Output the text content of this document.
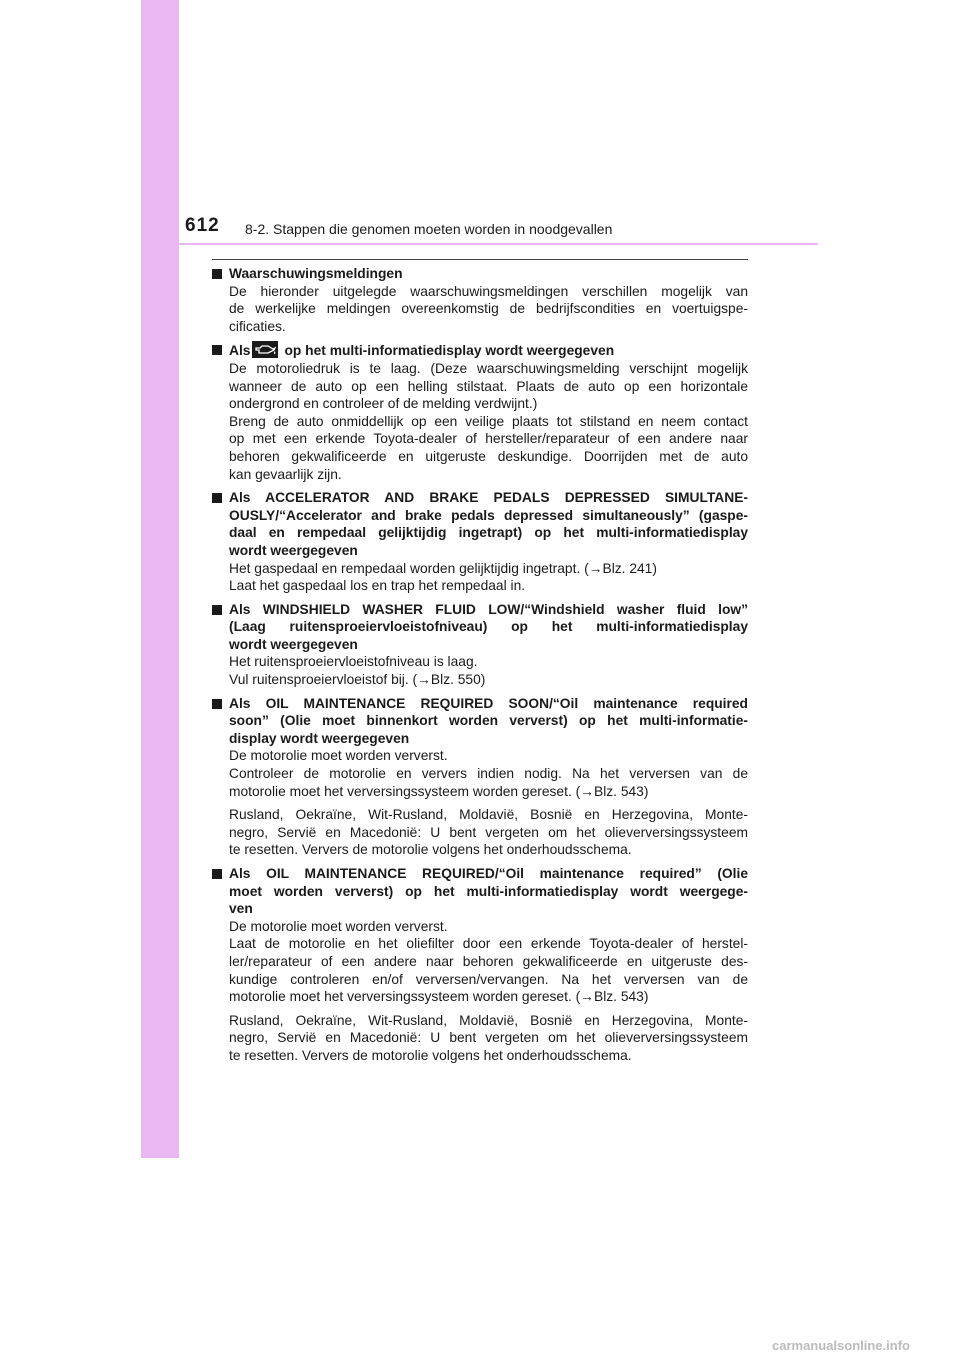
612 8-2. Stappen die genomen moeten worden in noodgevallen
Waarschuwingsmeldingen
De hieronder uitgelegde waarschuwingsmeldingen verschillen mogelijk van
de werkelijke meldingen overeenkomstig de bedrijfscondities en voertuigspe-
cificaties.
Als op het multi-informatiedisplay wordt weergegeven
De motoroliedruk is te laag. (Deze waarschuwingsmelding verschijnt mogelijk
wanneer de auto op een helling stilstaat. Plaats de auto op een horizontale
ondergrond en controleer of de melding verdwijnt.)
Breng de auto onmiddellijk op een veilige plaats tot stilstand en neem contact
op met een erkende Toyota-dealer of hersteller/reparateur of een andere naar
behoren gekwalificeerde en uitgeruste deskundige. Doorrijden met de auto
kan gevaarlijk zijn.
Als ACCELERATOR AND BRAKE PEDALS DEPRESSED SIMULTANE-
OUSLY/“Accelerator and brake pedals depressed simultaneously” (gaspe-
daal en rempedaal gelijktijdig ingetrapt) op het multi-informatiedisplay
wordt weergegeven
Het gaspedaal en rempedaal worden gelijktijdig ingetrapt. (→Blz. 241)
Laat het gaspedaal los en trap het rempedaal in.
Als WINDSHIELD WASHER FLUID LOW/“Windshield washer fluid low”
(Laag ruitensproeiervloeistofniveau) op het multi-informatiedisplay
wordt weergegeven
Het ruitensproeiervloeistofniveau is laag.
Vul ruitensproeiervloeistof bij. (→Blz. 550)
Als OIL MAINTENANCE REQUIRED SOON/“Oil maintenance required
soon” (Olie moet binnenkort worden ververst) op het multi-informatie-
display wordt weergegeven
De motorolie moet worden ververst.
Controleer de motorolie en ververs indien nodig. Na het verversen van de
motorolie moet het verversingssysteem worden gereset. (→Blz. 543)
Rusland, Oekraïne, Wit-Rusland, Moldavië, Bosnië en Herzegovina, Monte-
negro, Servië en Macedonië: U bent vergeten om het olieverversingssysteem
te resetten. Ververs de motorolie volgens het onderhoudsschema.
Als OIL MAINTENANCE REQUIRED/“Oil maintenance required” (Olie
moet worden ververst) op het multi-informatiedisplay wordt weergege-
ven
De motorolie moet worden ververst.
Laat de motorolie en het oliefilter door een erkende Toyota-dealer of herstel-
ler/reparateur of een andere naar behoren gekwalificeerde en uitgeruste des-
kundige controleren en/of verversen/vervangen. Na het verversen van de
motorolie moet het verversingssysteem worden gereset. (→Blz. 543)
Rusland, Oekraïne, Wit-Rusland, Moldavië, Bosnië en Herzegovina, Monte-
negro, Servië en Macedonië: U bent vergeten om het olieverversingssysteem
te resetten. Ververs de motorolie volgens het onderhoudsschema.
carmanualsonline.info
